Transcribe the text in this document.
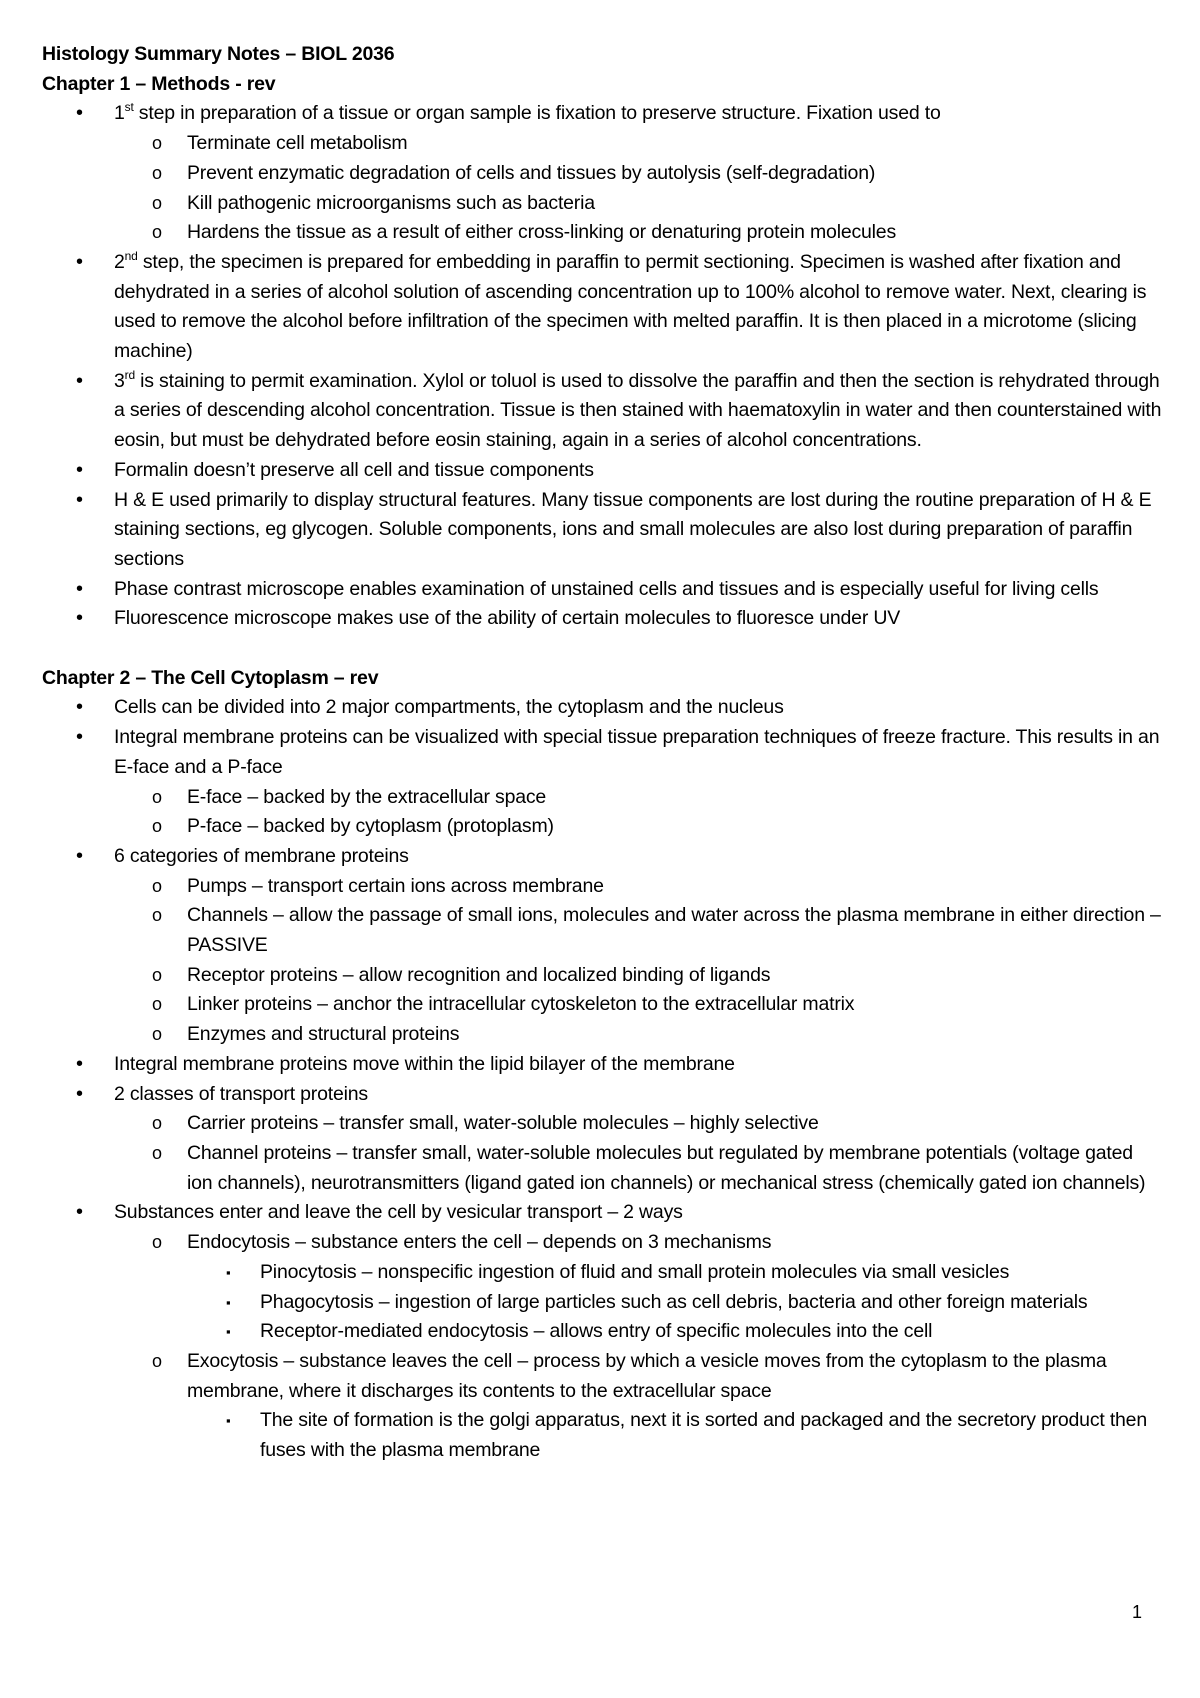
Histology Summary Notes – BIOL 2036

Chapter 1 – Methods - rev

• 1st step in preparation of a tissue or organ sample is fixation to preserve structure. Fixation used to
o Terminate cell metabolism
o Prevent enzymatic degradation of cells and tissues by autolysis (self-degradation)
o Kill pathogenic microorganisms such as bacteria
o Hardens the tissue as a result of either cross-linking or denaturing protein molecules
• 2nd step, the specimen is prepared for embedding in paraffin to permit sectioning. Specimen is washed after fixation and dehydrated in a series of alcohol solution of ascending concentration up to 100% alcohol to remove water. Next, clearing is used to remove the alcohol before infiltration of the specimen with melted paraffin. It is then placed in a microtome (slicing machine)
• 3rd is staining to permit examination. Xylol or toluol is used to dissolve the paraffin and then the section is rehydrated through a series of descending alcohol concentration. Tissue is then stained with haematoxylin in water and then counterstained with eosin, but must be dehydrated before eosin staining, again in a series of alcohol concentrations.
• Formalin doesn’t preserve all cell and tissue components
• H & E used primarily to display structural features. Many tissue components are lost during the routine preparation of H & E staining sections, eg glycogen. Soluble components, ions and small molecules are also lost during preparation of paraffin sections
• Phase contrast microscope enables examination of unstained cells and tissues and is especially useful for living cells
• Fluorescence microscope makes use of the ability of certain molecules to fluoresce under UV

Chapter 2 – The Cell Cytoplasm – rev

• Cells can be divided into 2 major compartments, the cytoplasm and the nucleus
• Integral membrane proteins can be visualized with special tissue preparation techniques of freeze fracture. This results in an E-face and a P-face
o E-face – backed by the extracellular space
o P-face – backed by cytoplasm (protoplasm)
• 6 categories of membrane proteins
o Pumps – transport certain ions across membrane
o Channels – allow the passage of small ions, molecules and water across the plasma membrane in either direction – PASSIVE
o Receptor proteins – allow recognition and localized binding of ligands
o Linker proteins – anchor the intracellular cytoskeleton to the extracellular matrix
o Enzymes and structural proteins
• Integral membrane proteins move within the lipid bilayer of the membrane
• 2 classes of transport proteins
o Carrier proteins – transfer small, water-soluble molecules – highly selective
o Channel proteins – transfer small, water-soluble molecules but regulated by membrane potentials (voltage gated ion channels), neurotransmitters (ligand gated ion channels) or mechanical stress (chemically gated ion channels)
• Substances enter and leave the cell by vesicular transport – 2 ways
o Endocytosis – substance enters the cell – depends on 3 mechanisms
▪ Pinocytosis – nonspecific ingestion of fluid and small protein molecules via small vesicles
▪ Phagocytosis – ingestion of large particles such as cell debris, bacteria and other foreign materials
▪ Receptor-mediated endocytosis – allows entry of specific molecules into the cell
o Exocytosis – substance leaves the cell – process by which a vesicle moves from the cytoplasm to the plasma membrane, where it discharges its contents to the extracellular space
▪ The site of formation is the golgi apparatus, next it is sorted and packaged and the secretory product then fuses with the plasma membrane
1
